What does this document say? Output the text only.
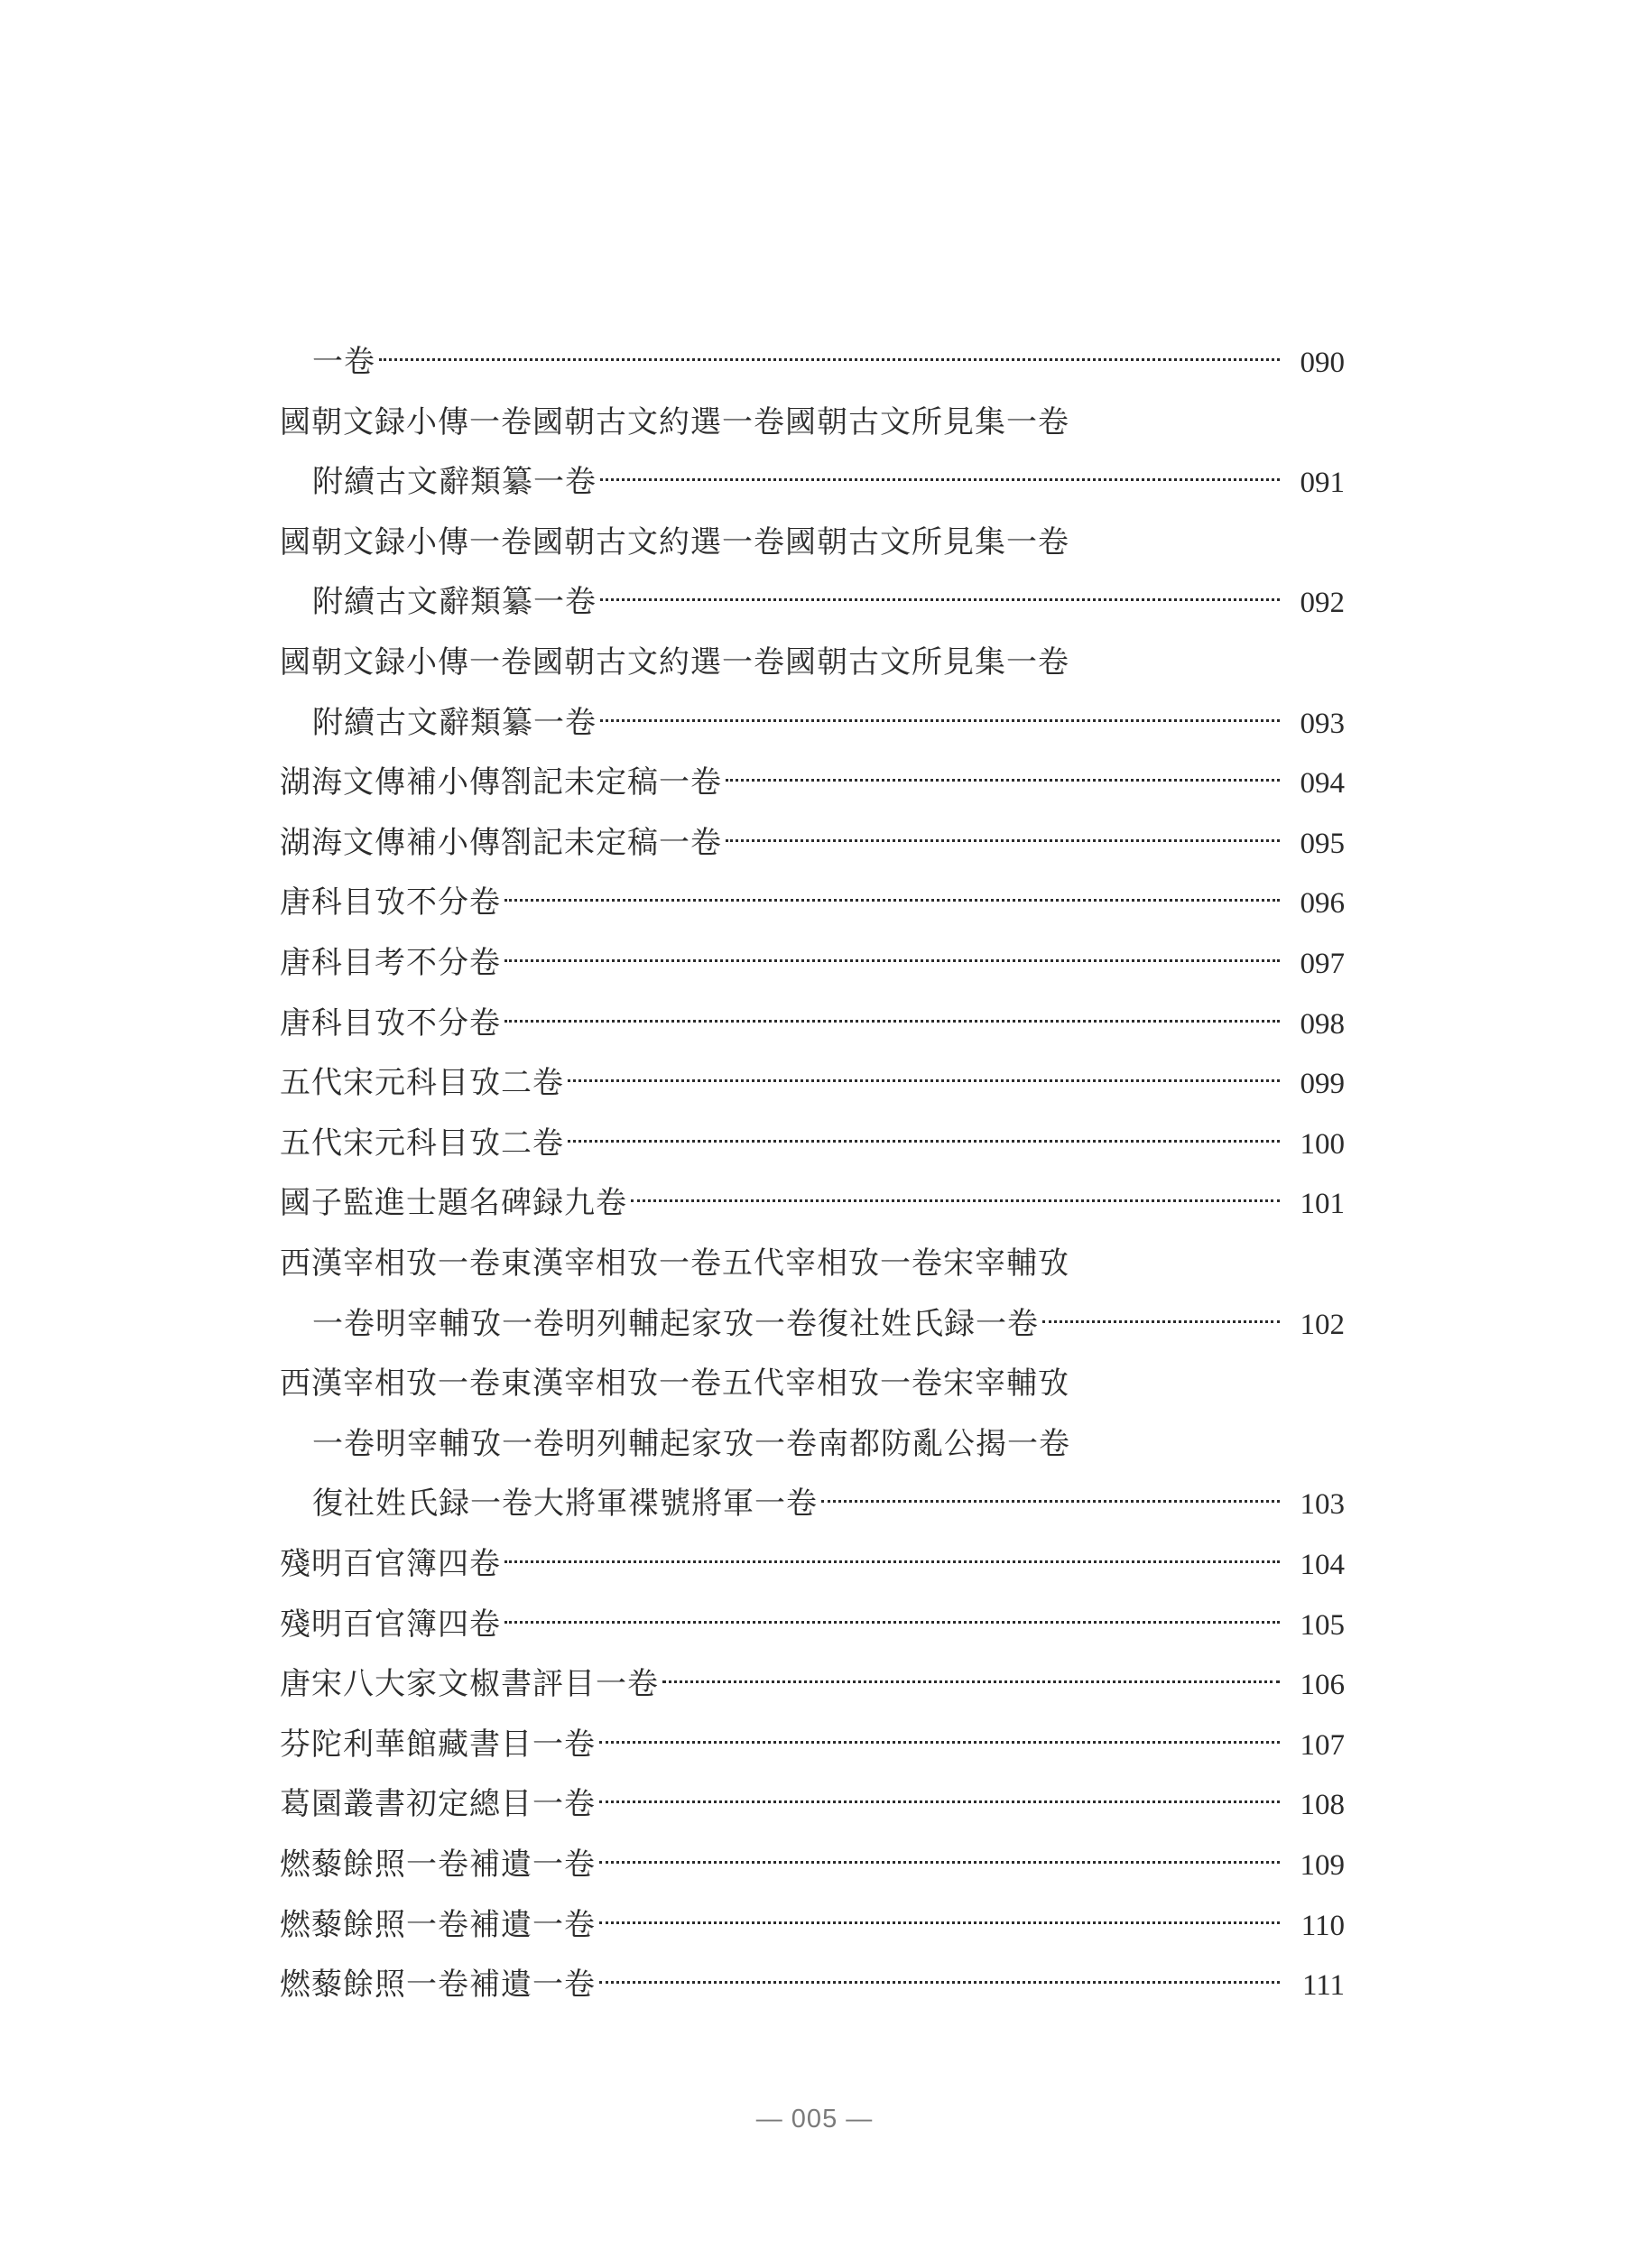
一卷	090
國朝文録小傳一卷國朝古文約選一卷國朝古文所見集一卷
附續古文辭類纂一卷	091
國朝文録小傳一卷國朝古文約選一卷國朝古文所見集一卷
附續古文辭類纂一卷	092
國朝文録小傳一卷國朝古文約選一卷國朝古文所見集一卷
附續古文辭類纂一卷	093
湖海文傳補小傳劄記未定稿一卷	094
湖海文傳補小傳劄記未定稿一卷	095
唐科目攷不分卷	096
唐科目考不分卷	097
唐科目攷不分卷	098
五代宋元科目攷二卷	099
五代宋元科目攷二卷	100
國子監進士題名碑録九卷	101
西漢宰相攷一卷東漢宰相攷一卷五代宰相攷一卷宋宰輔攷
一卷明宰輔攷一卷明列輔起家攷一卷復社姓氏録一卷	102
西漢宰相攷一卷東漢宰相攷一卷五代宰相攷一卷宋宰輔攷
一卷明宰輔攷一卷明列輔起家攷一卷南都防亂公揭一卷
復社姓氏録一卷大將軍褋號將軍一卷	103
殘明百官簿四卷	104
殘明百官簿四卷	105
唐宋八大家文椒書評目一卷	106
芬陀利華館藏書目一卷	107
葛園叢書初定總目一卷	108
燃藜餘照一卷補遺一卷	109
燃藜餘照一卷補遺一卷	110
燃藜餘照一卷補遺一卷	111
— 005 —
